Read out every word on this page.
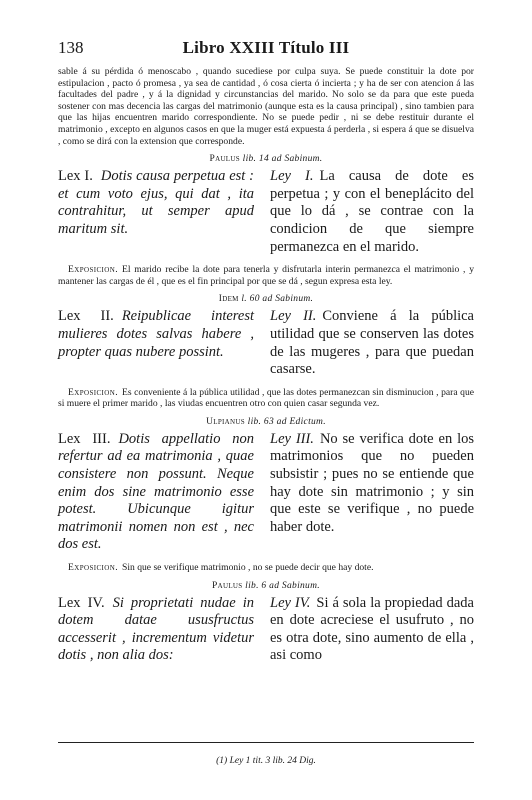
138	Libro XXIII Título III

sable á su pérdida ó menoscabo , quando sucediese por culpa suya. Se puede constituir la dote por estipulacion , pacto ó promesa , ya sea de cantidad , ó cosa cierta ó incierta ; y ha de ser con atencion á las facultades del padre , y á la dignidad y circunstancias del marido. No solo se da para que este pueda sostener con mas decencia las cargas del matrimonio (aunque esta es la causa principal) , sino tambien para que las hijas encuentren marido correspondiente. No se puede pedir , ni se debe restituir durante el matrimonio , excepto en algunos casos en que la muger está expuesta á perderla , si espera á que se disuelva , como se dirá con la extension que corresponde.

Paulus lib. 14 ad Sabinum.
Lex I. Dotis causa perpetua est : et cum voto ejus, qui dat , ita contrahitur, ut semper apud maritum sit.
Ley I. La causa de dote es perpetua ; y con el beneplácito del que lo dá , se contrae con la condicion de que siempre permanezca en el marido.

Exposicion. El marido recibe la dote para tenerla y disfrutarla interin permanezca el matrimonio , y mantener las cargas de él , que es el fin principal por que se dá , segun expresa esta ley.

Idem l. 60 ad Sabinum.
Lex II. Reipublicae interest mulieres dotes salvas habere , propter quas nubere possint.
Ley II. Conviene á la pública utilidad que se conserven las dotes de las mugeres , para que puedan casarse.

Exposicion. Es conveniente á la pública utilidad , que las dotes permanezcan sin disminucion , para que si muere el primer marido , las viudas encuentren otro con quien casar segunda vez.

Ulpianus lib. 63 ad Edictum.
Lex III. Dotis appellatio non refertur ad ea matrimonia , quae consistere non possunt. Neque enim dos sine matrimonio esse potest. Ubicunque igitur matrimonii nomen non est , nec dos est.
Ley III. No se verifica dote en los matrimonios que no pueden subsistir ; pues no se entiende que hay dote sin matrimonio ; y sin que este se verifique , no puede haber dote.

Exposicion. Sin que se verifique matrimonio , no se puede decir que hay dote.

Paulus lib. 6 ad Sabinum.
Lex IV. Si proprietati nudae in dotem datae ususfructus accesserit , incrementum videtur dotis , non alia dos:
Ley IV. Si á sola la propiedad dada en dote acreciese el usufruto , no es otra dote, sino aumento de ella , asi como
(1) Ley 1 tit. 3 lib. 24 Dig.
